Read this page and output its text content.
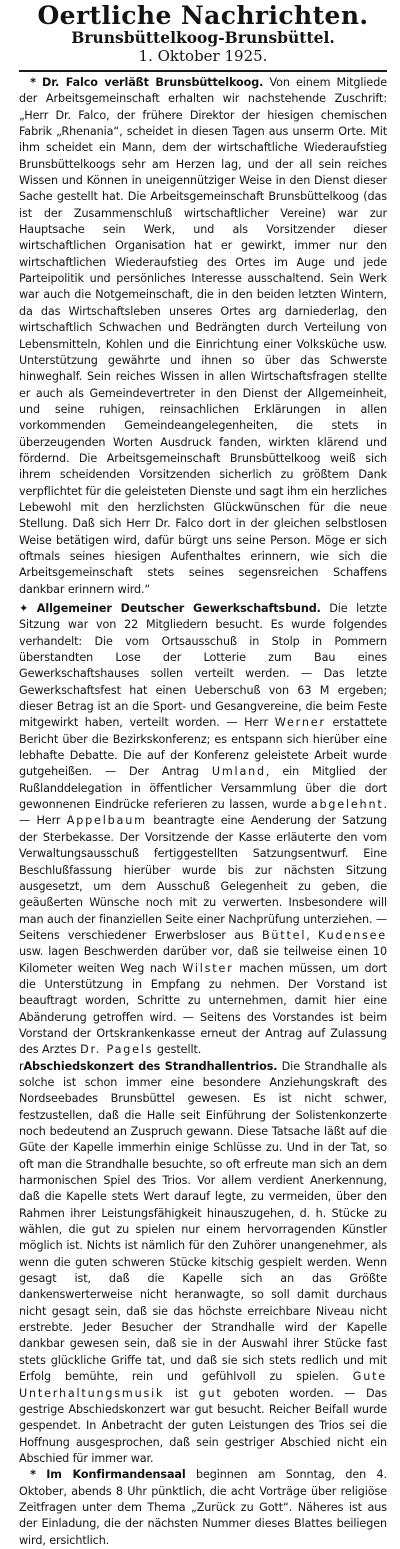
Oertliche Nachrichten.
Brunsbüttelkoog-Brunsbüttel.
1. Oktober 1925.

 * Dr. Falco verläßt Brunsbüttelkoog. Von einem Mitgliede der Arbeitsgemeinschaft erhalten wir nachstehende Zuschrift: „Herr Dr. Falco, der frühere Direktor der hiesigen chemischen Fabrik „Rhenania“, scheidet in diesen Tagen aus unserm Orte. Mit ihm scheidet ein Mann, dem der wirtschaftliche Wiederaufstieg Brunsbüttelkoogs sehr am Herzen lag, und der all sein reiches Wissen und Können in uneigennütziger Weise in den Dienst dieser Sache gestellt hat. Die Arbeitsgemeinschaft Brunsbüttelkoog (das ist der Zusammenschluß wirtschaftlicher Vereine) war zur Hauptsache sein Werk, und als Vorsitzender dieser wirtschaftlichen Organisation hat er gewirkt, immer nur den wirtschaftlichen Wiederaufstieg des Ortes im Auge und jede Parteipolitik und persönliches Interesse ausschaltend. Sein Werk war auch die Notgemeinschaft, die in den beiden letzten Wintern, da das Wirtschaftsleben unseres Ortes arg darniederlag, den wirtschaftlich Schwachen und Bedrängten durch Verteilung von Lebensmitteln, Kohlen und die Einrichtung einer Volksküche usw. Unterstützung gewährte und ihnen so über das Schwerste hinweghalf. Sein reiches Wissen in allen Wirtschaftsfragen stellte er auch als Gemeindevertreter in den Dienst der Allgemeinheit, und seine ruhigen, reinsachlichen Erklärungen in allen vorkommenden Gemeindeangelegenheiten, die stets in überzeugenden Worten Ausdruck fanden, wirkten klärend und fördernd. Die Arbeitsgemeinschaft Brunsbüttelkoog weiß sich ihrem scheidenden Vorsitzenden sicherlich zu größtem Dank verpflichtet für die geleisteten Dienste und sagt ihm ein herzliches Lebewohl mit den herzlichsten Glückwünschen für die neue Stellung. Daß sich Herr Dr. Falco dort in der gleichen selbstlosen Weise betätigen wird, dafür bürgt uns seine Person. Möge er sich oftmals seines hiesigen Aufenthaltes erinnern, wie sich die Arbeitsgemeinschaft stets seines segensreichen Schaffens dankbar erinnern wird.“

✦ Allgemeiner Deutscher Gewerkschaftsbund. Die letzte Sitzung war von 22 Mitgliedern besucht. Es wurde folgendes verhandelt: Die vom Ortsausschuß in Stolp in Pommern überstandten Lose der Lotterie zum Bau eines Gewerkschaftshauses sollen verteilt werden. — Das letzte Gewerkschaftsfest hat einen Ueberschuß von 63 M ergeben; dieser Betrag ist an die Sport- und Gesangvereine, die beim Feste mitgewirkt haben, verteilt worden. — Herr Werner erstattete Bericht über die Bezirkskonferenz; es entspann sich hierüber eine lebhafte Debatte. Die auf der Konferenz geleistete Arbeit wurde gutgeheißen. — Der Antrag Umland, ein Mitglied der Rußlanddelegation in öffentlicher Versammlung über die dort gewonnenen Eindrücke referieren zu lassen, wurde abgelehnt. — Herr Appelbaum beantragte eine Aenderung der Satzung der Sterbekasse. Der Vorsitzende der Kasse erläuterte den vom Verwaltungsausschuß fertiggestellten Satzungsentwurf. Eine Beschlußfassung hierüber wurde bis zur nächsten Sitzung ausgesetzt, um dem Ausschuß Gelegenheit zu geben, die geäußerten Wünsche noch mit zu verwerten. Insbesondere will man auch der finanziellen Seite einer Nachprüfung unterziehen. — Seitens verschiedener Erwerbsloser aus Büttel, Kudensee usw. lagen Beschwerden darüber vor, daß sie teilweise einen 10 Kilometer weiten Weg nach Wilster machen müssen, um dort die Unterstützung in Empfang zu nehmen. Der Vorstand ist beauftragt worden, Schritte zu unternehmen, damit hier eine Abänderung getroffen wird. — Seitens des Vorstandes ist beim Vorstand der Ortskrankenkasse erneut der Antrag auf Zulassung des Arztes Dr. Pagels gestellt.

rAbschiedskonzert des Strandhallentrios. Die Strandhalle als solche ist schon immer eine besondere Anziehungskraft des Nordseebades Brunsbüttel gewesen. Es ist nicht schwer, festzustellen, daß die Halle seit Einführung der Solistenkonzerte noch bedeutend an Zuspruch gewann. Diese Tatsache läßt auf die Güte der Kapelle immerhin einige Schlüsse zu. Und in der Tat, so oft man die Strandhalle besuchte, so oft erfreute man sich an dem harmonischen Spiel des Trios. Vor allem verdient Anerkennung, daß die Kapelle stets Wert darauf legte, zu vermeiden, über den Rahmen ihrer Leistungsfähigkeit hinauszugehen, d. h. Stücke zu wählen, die gut zu spielen nur einem hervorragenden Künstler möglich ist. Nichts ist nämlich für den Zuhörer unangenehmer, als wenn die guten schweren Stücke kitschig gespielt werden. Wenn gesagt ist, daß die Kapelle sich an das Größte dankenswerterweise nicht heranwagte, so soll damit durchaus nicht gesagt sein, daß sie das höchste erreichbare Niveau nicht erstrebte. Jeder Besucher der Strandhalle wird der Kapelle dankbar gewesen sein, daß sie in der Auswahl ihrer Stücke fast stets glückliche Griffe tat, und daß sie sich stets redlich und mit Erfolg bemühte, rein und gefühlvoll zu spielen. Gute Unterhaltungsmusik ist gut geboten worden. — Das gestrige Abschiedskonzert war gut besucht. Reicher Beifall wurde gespendet. In Anbetracht der guten Leistungen des Trios sei die Hoffnung ausgesprochen, daß sein gestriger Abschied nicht ein Abschied für immer war.

 * Im Konfirmandensaal beginnen am Sonntag, den 4. Oktober, abends 8 Uhr pünktlich, die acht Vorträge über religiöse Zeitfragen unter dem Thema „Zurück zu Gott“. Näheres ist aus der Einladung, die der nächsten Nummer dieses Blattes beiliegen wird, ersichtlich.
